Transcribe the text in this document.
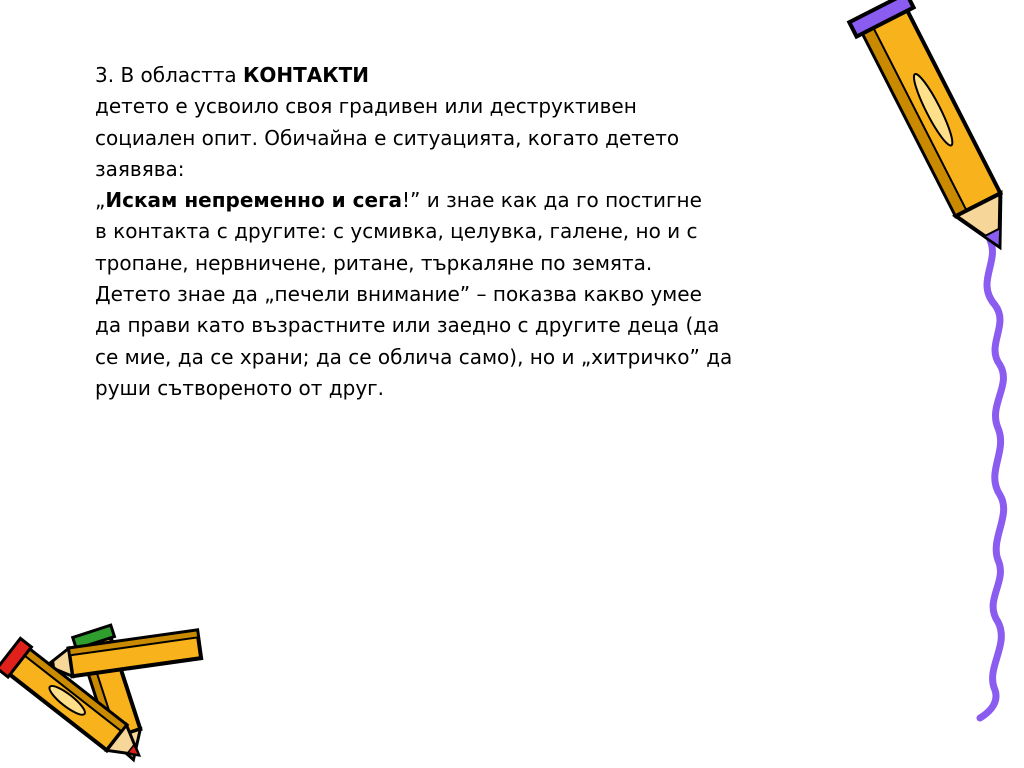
3. В областта КОНТАКТИ
детето е усвоило своя градивен или деструктивен
социален опит. Обичайна е ситуацията, когато детето
заявява:
„Искам непременно и сега!” и знае как да го постигне
в контакта с другите: с усмивка, целувка, галене, но и с
тропане, нервничене, ритане, търкаляне по земята.
Детето знае да „печели внимание” – показва какво умее
да прави като възрастните или заедно с другите деца (да
се мие, да се храни; да се облича само), но и „хитричко” да
руши сътвореното от друг.
